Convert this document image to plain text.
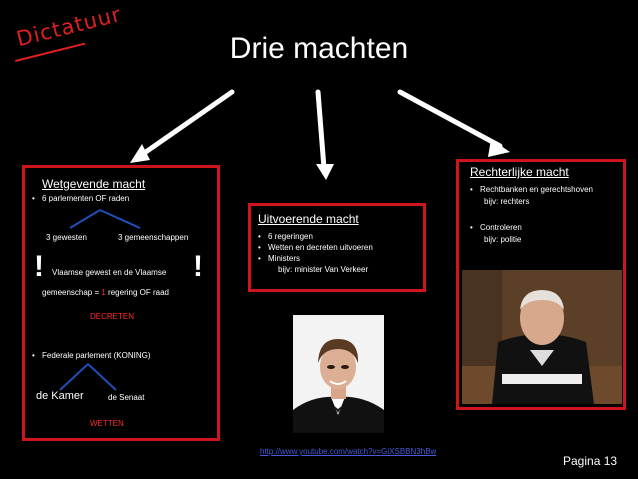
Dictatuur	Drie machten
Wetgevende macht
• 6 parlementen OF raden
3 gewesten	3 gemeenschappen
!	!
Vlaamse gewest en de Vlaamse
gemeenschap = 1 regering OF raad
DECRETEN
• Federale parlement (KONING)
de Kamer	de Senaat
WETTEN
Uitvoerende macht
• 6 regeringen
• Wetten en decreten uitvoeren
• Ministers
bijv: minister Van Verkeer
Rechterlijke macht
• Rechtbanken en gerechtshoven
bijv: rechters
• Controleren
bijv: politie
http://www.youtube.com/watch?v=GiXSBBN3hBw
Pagina 13
